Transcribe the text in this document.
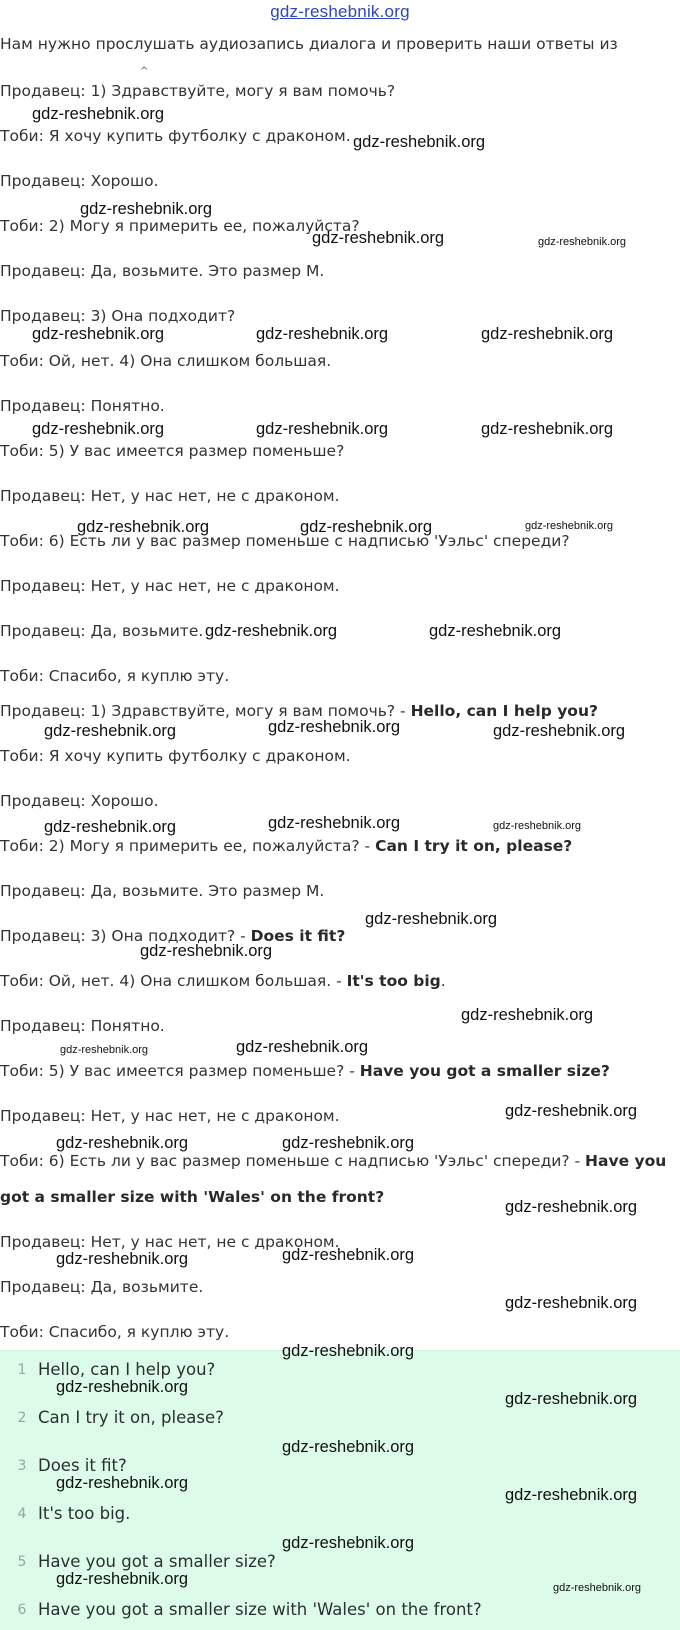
gdz-reshebnik.org
Нам нужно прослушать аудиозапись диалога и проверить наши ответы из
^
Продавец: 1) Здравствуйте, могу я вам помочь?
Тоби: Я хочу купить футболку с драконом.
Продавец: Хорошо.
Тоби: 2) Могу я примерить ее, пожалуйста?
Продавец: Да, возьмите. Это размер М.
Продавец: 3) Она подходит?
Тоби: Ой, нет. 4) Она слишком большая.
Продавец: Понятно.
Тоби: 5) У вас имеется размер поменьше?
Продавец: Нет, у нас нет, не с драконом.
Тоби: 6) Есть ли у вас размер поменьше с надписью 'Уэльс' спереди?
Продавец: Нет, у нас нет, не с драконом.
Продавец: Да, возьмите.
Тоби: Спасибо, я куплю эту.
Продавец: 1) Здравствуйте, могу я вам помочь? - Hello, can I help you?
Тоби: Я хочу купить футболку с драконом.
Продавец: Хорошо.
Тоби: 2) Могу я примерить ее, пожалуйста? - Can I try it on, please?
Продавец: Да, возьмите. Это размер М.
Продавец: 3) Она подходит? - Does it fit?
Тоби: Ой, нет. 4) Она слишком большая. - It's too big.
Продавец: Понятно.
Тоби: 5) У вас имеется размер поменьше? - Have you got a smaller size?
Продавец: Нет, у нас нет, не с драконом.
Тоби: 6) Есть ли у вас размер поменьше с надписью 'Уэльс' спереди? - Have you
got a smaller size with 'Wales' on the front?
Продавец: Нет, у нас нет, не с драконом.
Продавец: Да, возьмите.
Тоби: Спасибо, я куплю эту.
1 Hello, can I help you?
2 Can I try it on, please?
3 Does it fit?
4 It's too big.
5 Have you got a smaller size?
6 Have you got a smaller size with 'Wales' on the front?
gdz-reshebnik.org
gdz-reshebnik.org
gdz-reshebnik.org
gdz-reshebnik.org	gdz-reshebnik.org
gdz-reshebnik.org	gdz-reshebnik.org	gdz-reshebnik.org
gdz-reshebnik.org	gdz-reshebnik.org	gdz-reshebnik.org
gdz-reshebnik.org	gdz-reshebnik.org	gdz-reshebnik.org
gdz-reshebnik.org	gdz-reshebnik.org
gdz-reshebnik.org	gdz-reshebnik.org	gdz-reshebnik.org
gdz-reshebnik.org	gdz-reshebnik.org	gdz-reshebnik.org
gdz-reshebnik.org
gdz-reshebnik.org
gdz-reshebnik.org
gdz-reshebnik.org	gdz-reshebnik.org
gdz-reshebnik.org
gdz-reshebnik.org	gdz-reshebnik.org
gdz-reshebnik.org
gdz-reshebnik.org	gdz-reshebnik.org
gdz-reshebnik.org
gdz-reshebnik.org
gdz-reshebnik.org
gdz-reshebnik.org
gdz-reshebnik.org
gdz-reshebnik.org
gdz-reshebnik.org
gdz-reshebnik.org
gdz-reshebnik.org	gdz-reshebnik.org
